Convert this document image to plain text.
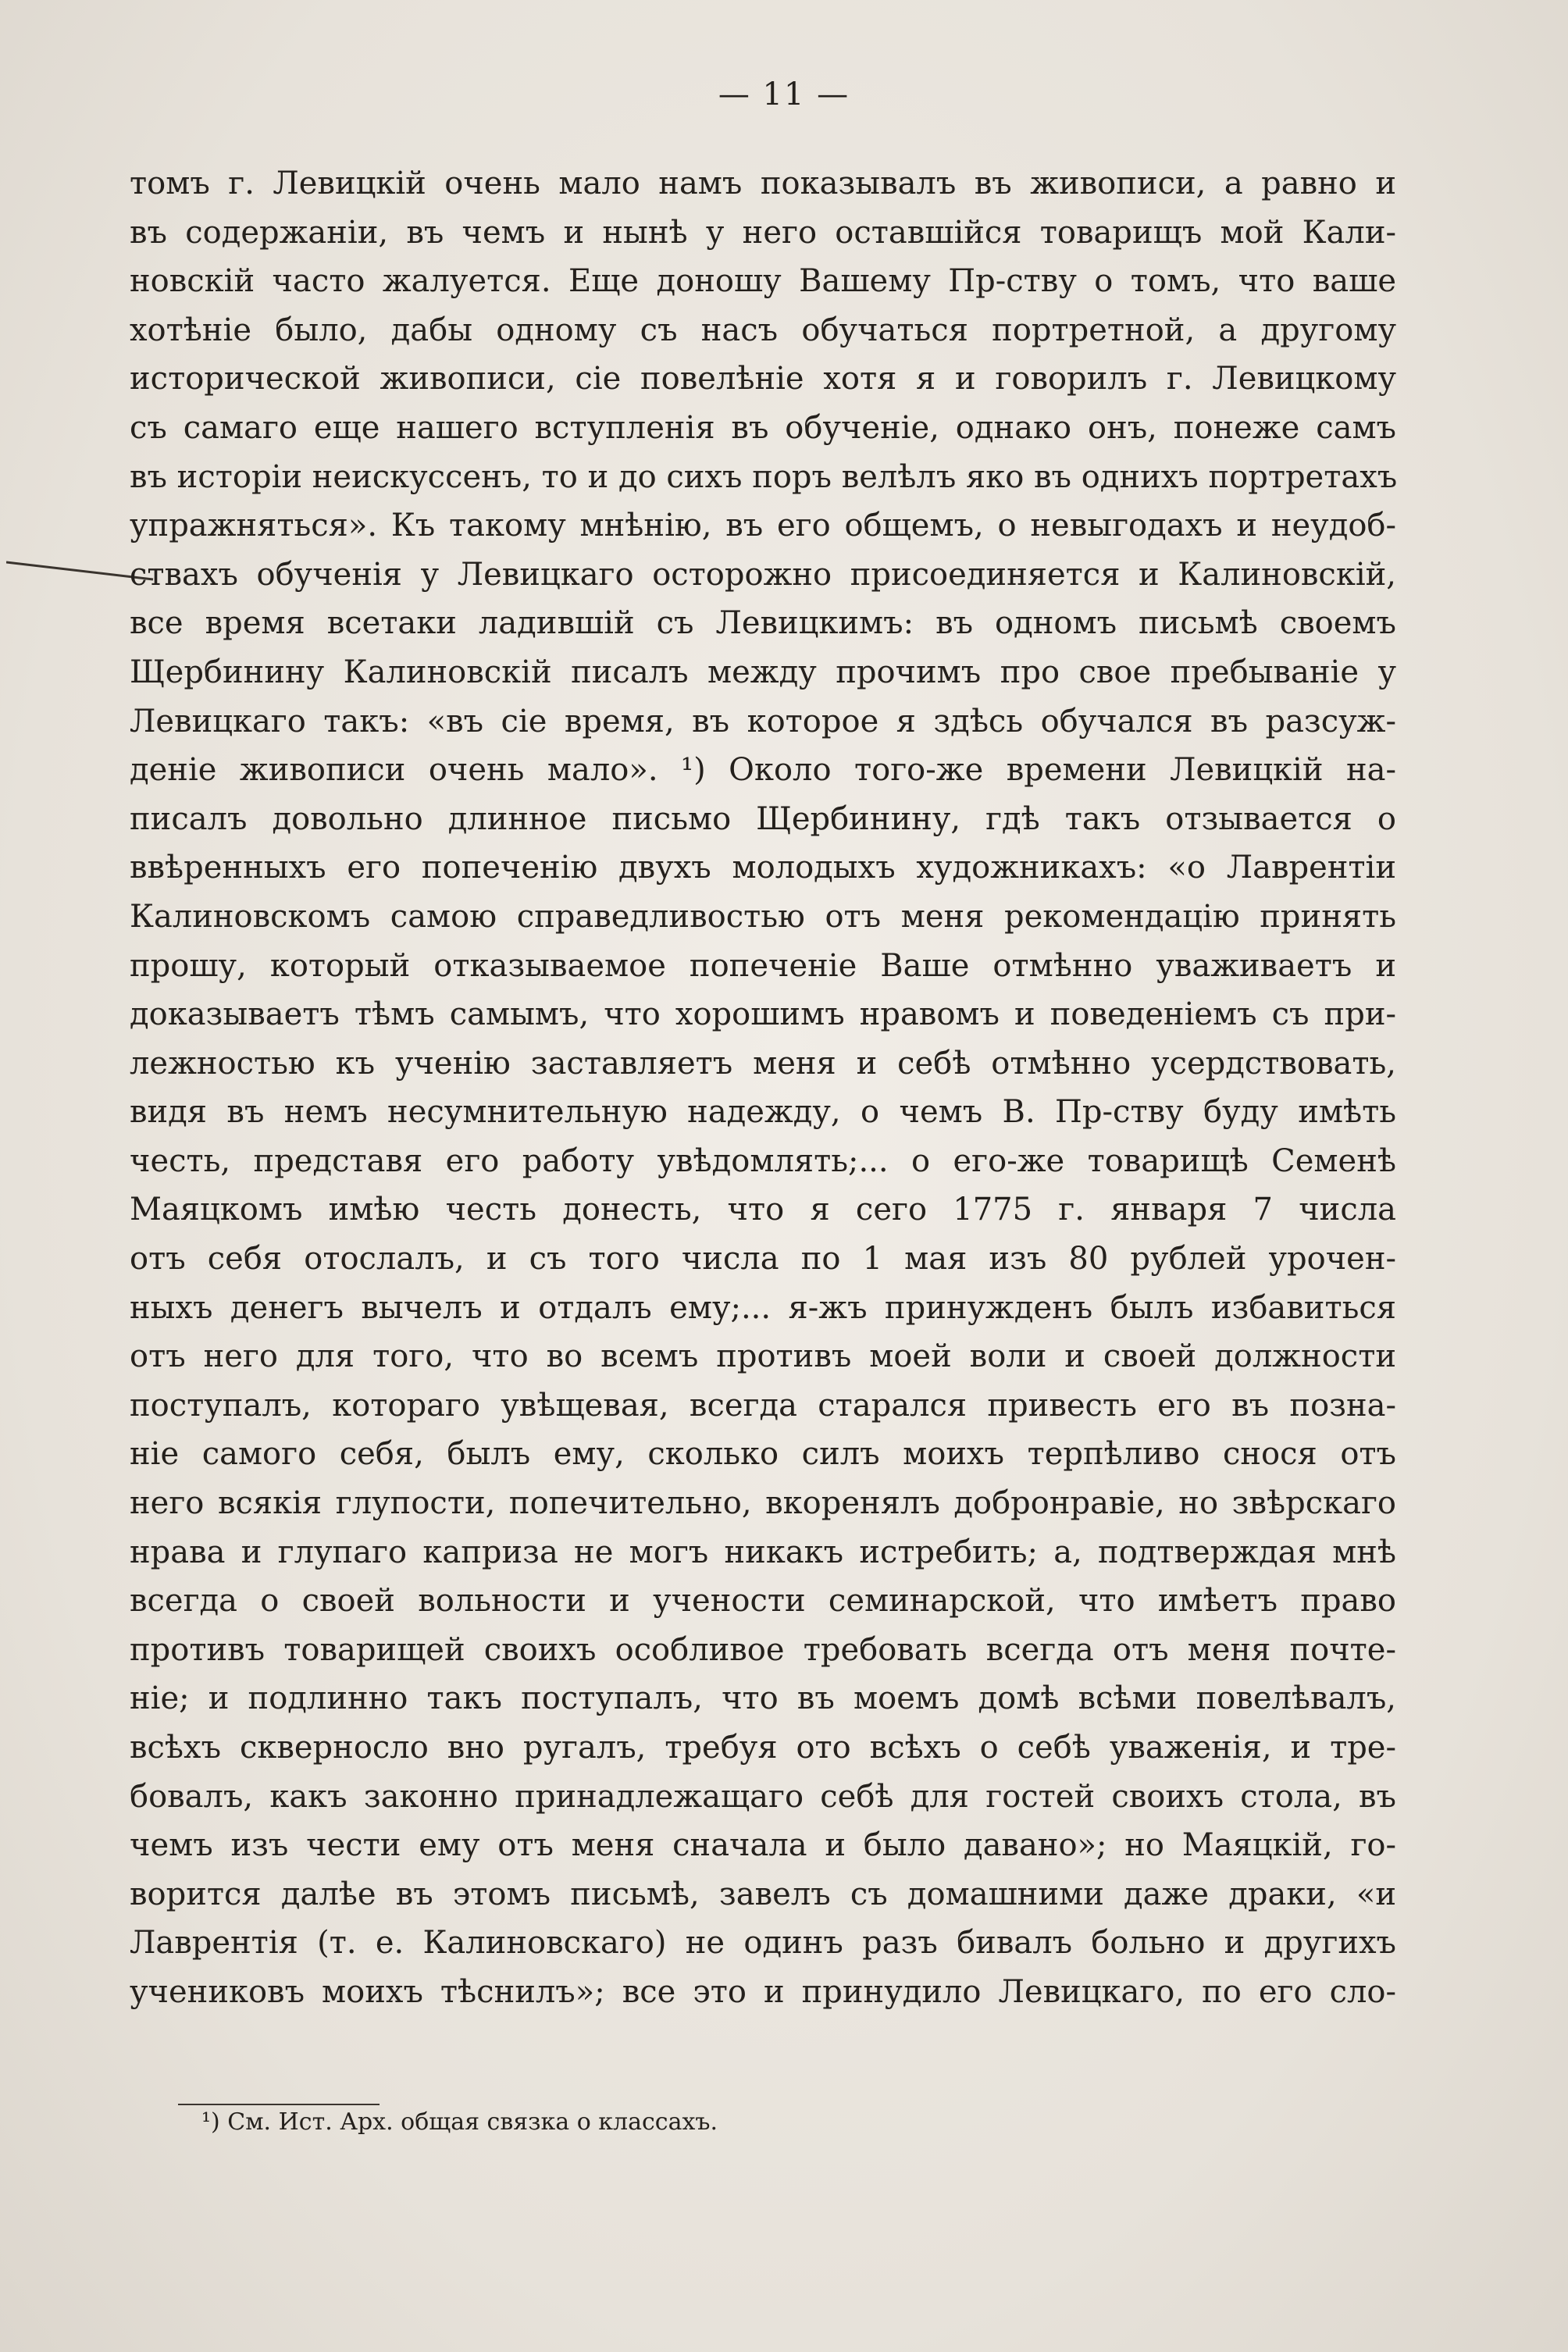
— 11 —
томъ г. Левицкій очень мало намъ показывалъ въ живописи, а равно и
въ содержаніи, въ чемъ и нынѣ у него оставшійся товарищъ мой Кали-
новскій часто жалуется. Еще доношу Вашему Пр-ству о томъ, что ваше
хотѣніе было, дабы одному съ насъ обучаться портретной, а другому
исторической живописи, сіе повелѣніе хотя я и говорилъ г. Левицкому
съ самаго еще нашего вступленія въ обученіе, однако онъ, понеже самъ
въ исторіи неискуссенъ, то и до сихъ поръ велѣлъ яко въ однихъ портретахъ
упражняться». Къ такому мнѣнію, въ его общемъ, о невыгодахъ и неудоб-
ствахъ обученія у Левицкаго осторожно присоединяется и Калиновскій,
все время всетаки ладившій съ Левицкимъ: въ одномъ письмѣ своемъ
Щербинину Калиновскій писалъ между прочимъ про свое пребываніе у
Левицкаго такъ: «въ сіе время, въ которое я здѣсь обучался въ разсуж-
деніе живописи очень мало». ¹) Около того-же времени Левицкій на-
писалъ довольно длинное письмо Щербинину, гдѣ такъ отзывается о
ввѣренныхъ его попеченію двухъ молодыхъ художникахъ: «о Лаврентіи
Калиновскомъ самою справедливостью отъ меня рекомендацію принять
прошу, который отказываемое попеченіе Ваше отмѣнно уваживаетъ и
доказываетъ тѣмъ самымъ, что хорошимъ нравомъ и поведеніемъ съ при-
лежностью къ ученію заставляетъ меня и себѣ отмѣнно усердствовать,
видя въ немъ несумнительную надежду, о чемъ В. Пр-ству буду имѣть
честь, представя его работу увѣдомлять;... о его-же товарищѣ Семенѣ
Маяцкомъ имѣю честь донесть, что я сего 1775 г. января 7 числа
отъ себя отослалъ, и съ того числа по 1 мая изъ 80 рублей урочен-
ныхъ денегъ вычелъ и отдалъ ему;... я-жъ принужденъ былъ избавиться
отъ него для того, что во всемъ противъ моей воли и своей должности
поступалъ, котораго увѣщевая, всегда старался привесть его въ позна-
ніе самого себя, былъ ему, сколько силъ моихъ терпѣливо снося отъ
него всякія глупости, попечительно, вкоренялъ добронравіе, но звѣрскаго
нрава и глупаго каприза не могъ никакъ истребить; а, подтверждая мнѣ
всегда о своей вольности и учености семинарской, что имѣетъ право
противъ товарищей своихъ особливое требовать всегда отъ меня почте-
ніе; и подлинно такъ поступалъ, что въ моемъ домѣ всѣми повелѣвалъ,
всѣхъ скверносло вно ругалъ, требуя ото всѣхъ о себѣ уваженія, и тре-
бовалъ, какъ законно принадлежащаго себѣ для гостей своихъ стола, въ
чемъ изъ чести ему отъ меня сначала и было давано»; но Маяцкій, го-
ворится далѣе въ этомъ письмѣ, завелъ съ домашними даже драки, «и
Лаврентія (т. е. Калиновскаго) не одинъ разъ бивалъ больно и другихъ
учениковъ моихъ тѣснилъ»; все это и принудило Левицкаго, по его сло-
¹) См. Ист. Арх. общая связка о классахъ.
